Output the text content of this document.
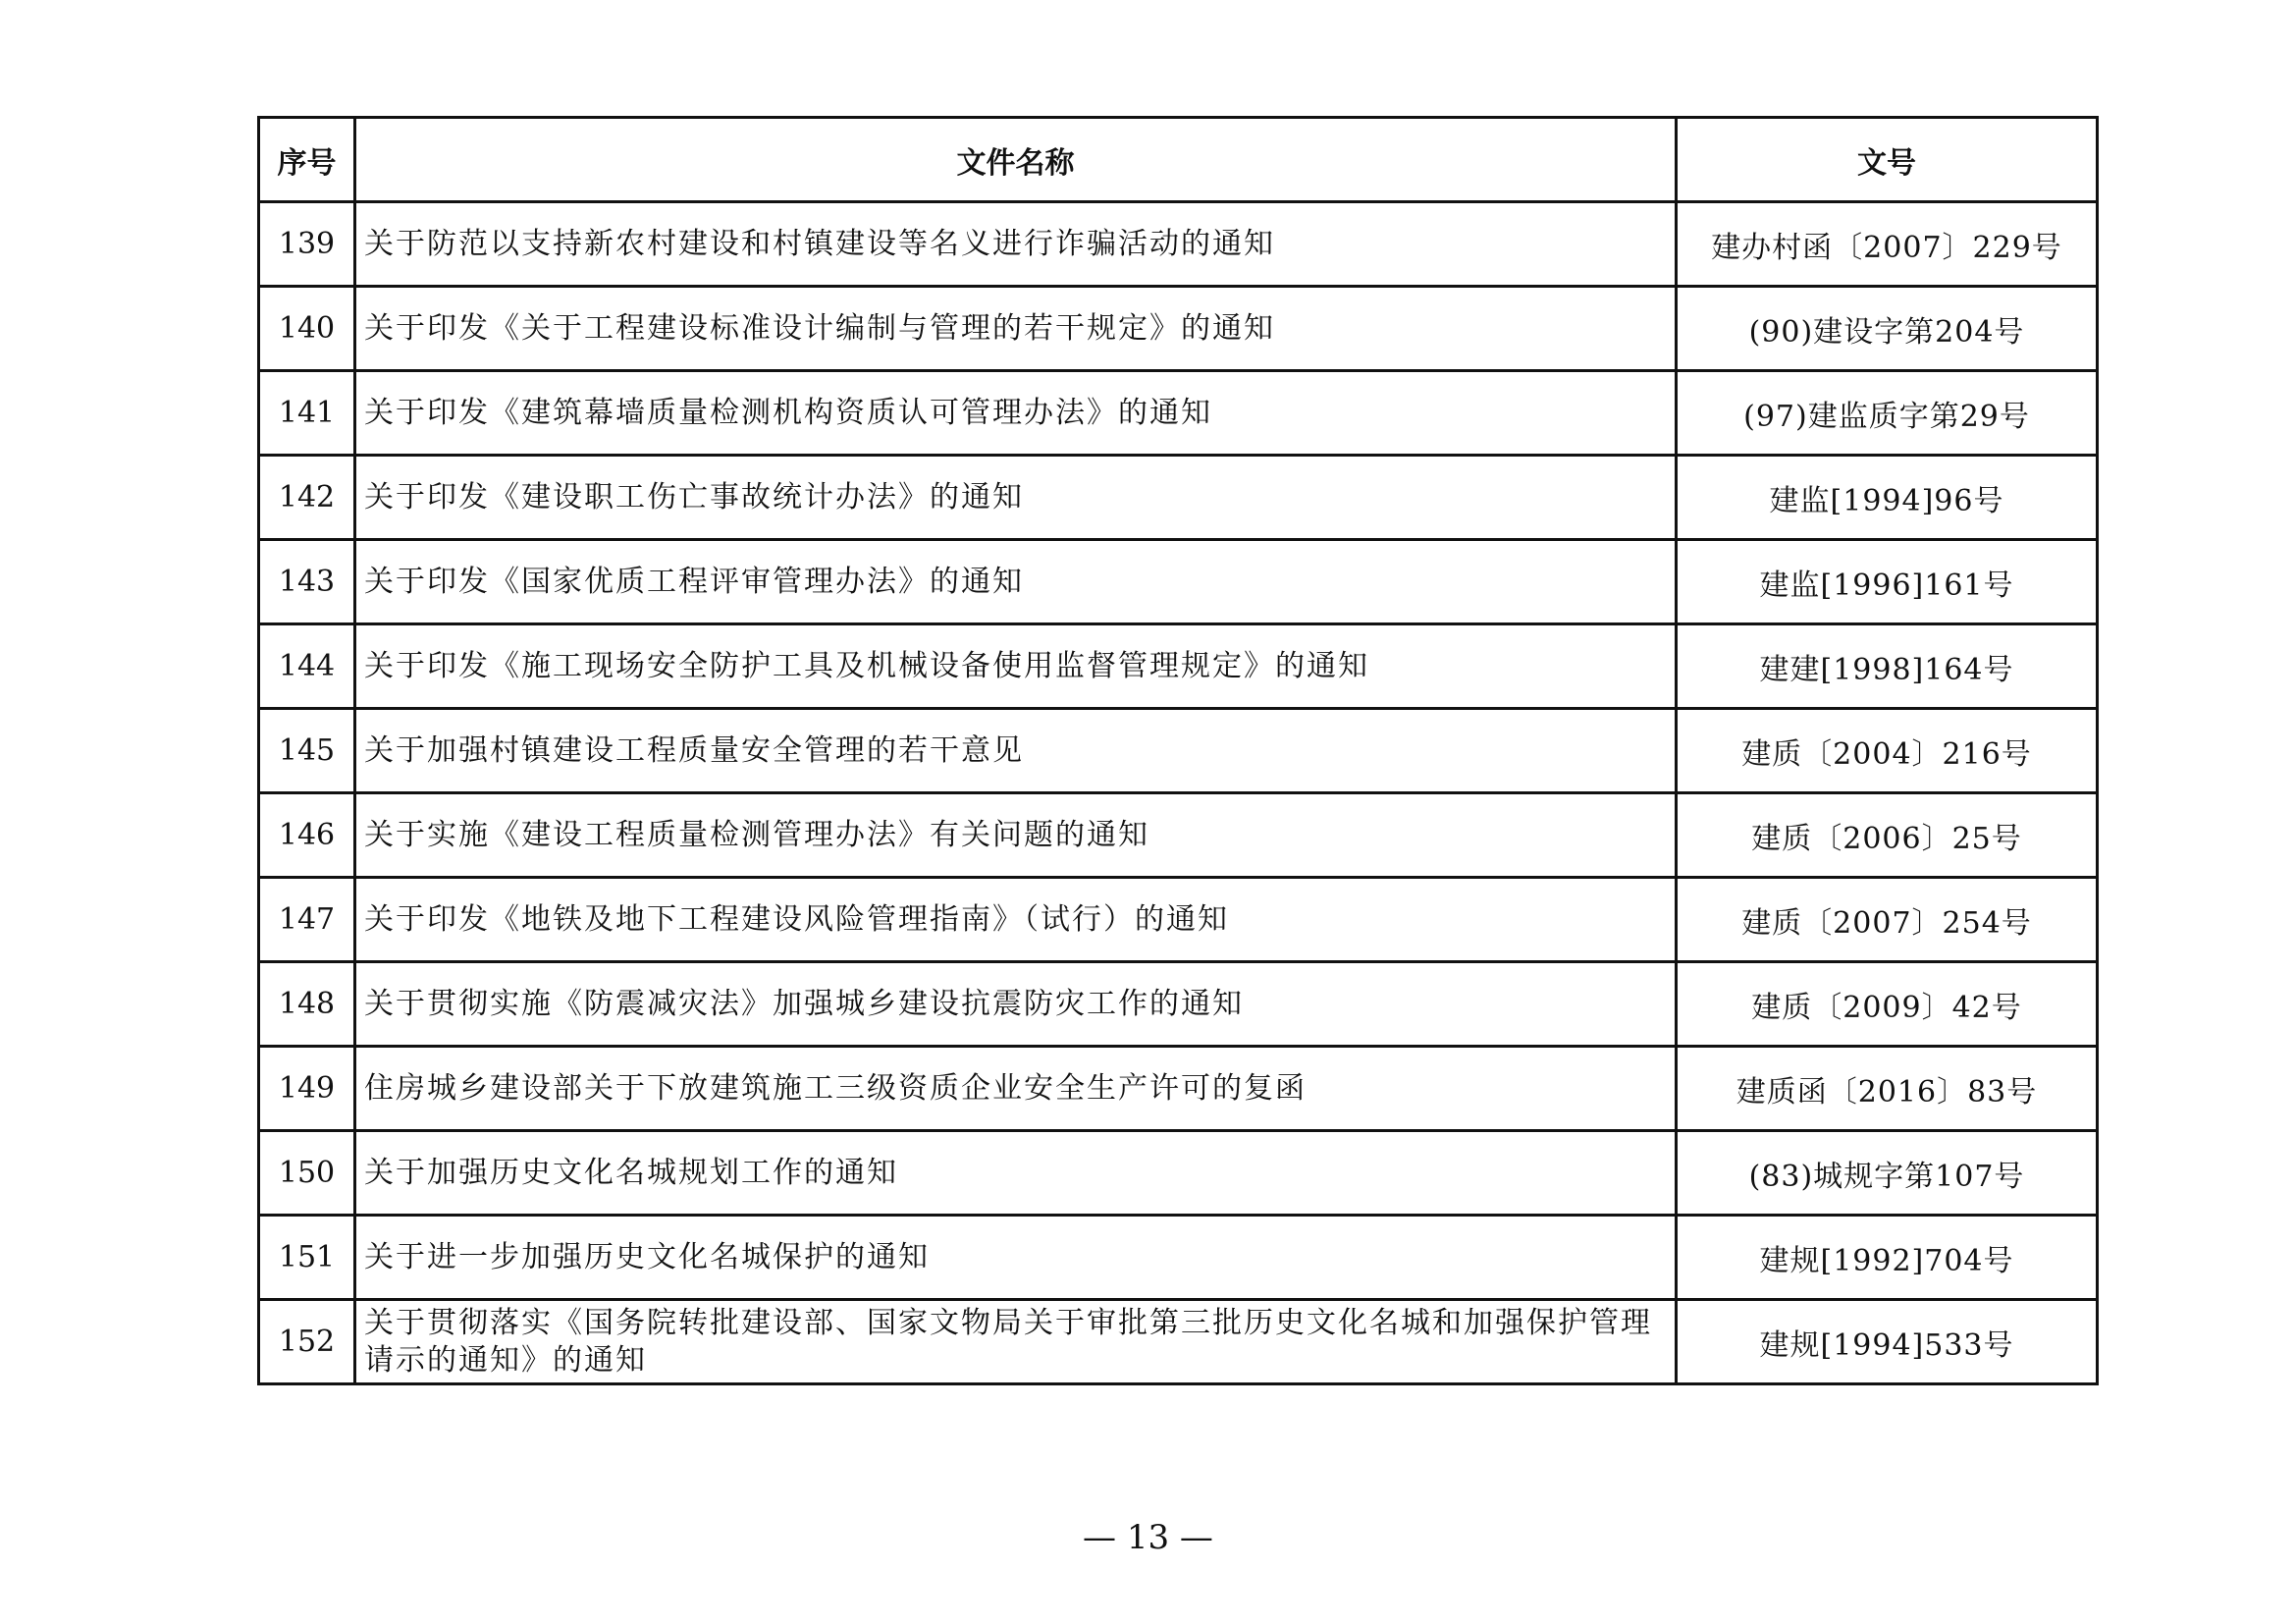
序号	文件名称	文号
139	关于防范以支持新农村建设和村镇建设等名义进行诈骗活动的通知	建办村函〔2007〕229号
140	关于印发《关于工程建设标准设计编制与管理的若干规定》的通知	(90)建设字第204号
141	关于印发《建筑幕墙质量检测机构资质认可管理办法》的通知	(97)建监质字第29号
142	关于印发《建设职工伤亡事故统计办法》的通知	建监[1994]96号
143	关于印发《国家优质工程评审管理办法》的通知	建监[1996]161号
144	关于印发《施工现场安全防护工具及机械设备使用监督管理规定》的通知	建建[1998]164号
145	关于加强村镇建设工程质量安全管理的若干意见	建质〔2004〕216号
146	关于实施《建设工程质量检测管理办法》有关问题的通知	建质〔2006〕25号
147	关于印发《地铁及地下工程建设风险管理指南》（试行）的通知	建质〔2007〕254号
148	关于贯彻实施《防震减灾法》加强城乡建设抗震防灾工作的通知	建质〔2009〕42号
149	住房城乡建设部关于下放建筑施工三级资质企业安全生产许可的复函	建质函〔2016〕83号
150	关于加强历史文化名城规划工作的通知	(83)城规字第107号
151	关于进一步加强历史文化名城保护的通知	建规[1992]704号
152	关于贯彻落实《国务院转批建设部、国家文物局关于审批第三批历史文化名城和加强保护管理请示的通知》的通知	建规[1994]533号
— 13 —
